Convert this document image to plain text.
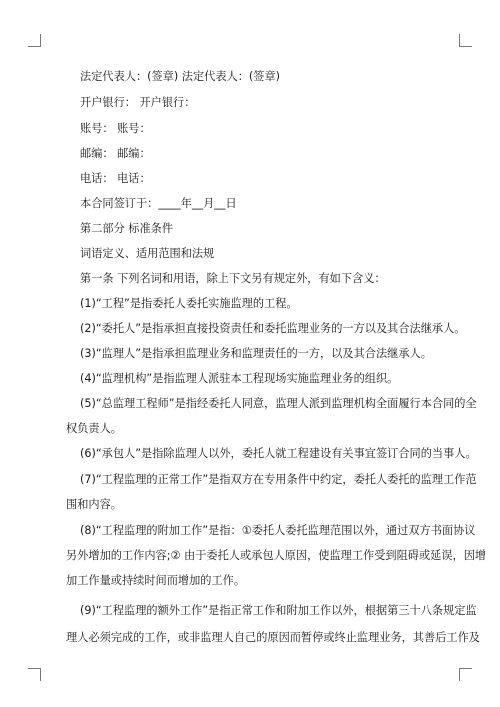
法定代表人：(签章) 法定代表人：(签章)
开户银行： 开户银行：
账号： 账号：
邮编： 邮编：
电话： 电话：
本合同签订于：____年__月__日
第二部分 标准条件
词语定义、适用范围和法规
第一条 下列名词和用语，除上下文另有规定外，有如下含义：
(1)“工程”是指委托人委托实施监理的工程。
(2)“委托人”是指承担直接投资责任和委托监理业务的一方以及其合法继承人。
(3)“监理人”是指承担监理业务和监理责任的一方，以及其合法继承人。
(4)“监理机构”是指监理人派驻本工程现场实施监理业务的组织。
(5)“总监理工程师”是指经委托人同意，监理人派到监理机构全面履行本合同的全
权负责人。
(6)“承包人”是指除监理人以外，委托人就工程建设有关事宜签订合同的当事人。
(7)“工程监理的正常工作”是指双方在专用条件中约定，委托人委托的监理工作范
围和内容。
(8)“工程监理的附加工作”是指：①委托人委托监理范围以外，通过双方书面协议
另外增加的工作内容;② 由于委托人或承包人原因，使监理工作受到阻碍或延误，因增
加工作量或持续时间而增加的工作。
(9)“工程监理的额外工作”是指正常工作和附加工作以外，根据第三十八条规定监
理人必须完成的工作，或非监理人自己的原因而暂停或终止监理业务，其善后工作及
